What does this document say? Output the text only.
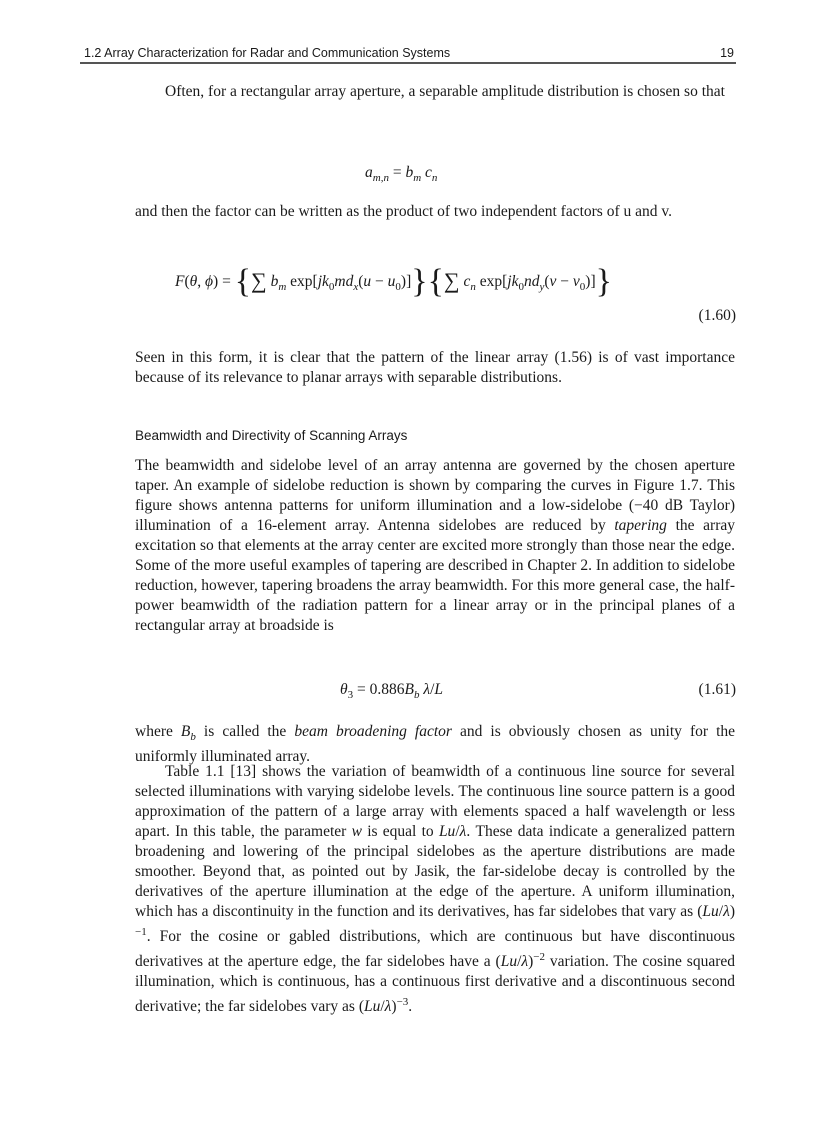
1.2 Array Characterization for Radar and Communication Systems	19

Often, for a rectangular array aperture, a separable amplitude distribution is chosen so that

$a_{m,n} = b_m$ $c_n$

and then the factor can be written as the product of two independent factors of u and v.

F(θ, ϕ) = {∑ $b_m$ $\exp[jk_0md_x(u - u_0)]\}\{\sum$ $c_n$ $\exp[jk_0nd_y(v - v_0)]$}
(1.60)

Seen in this form, it is clear that the pattern of the linear array (1.56) is of vast importance because of its relevance to planar arrays with separable distributions.

Beamwidth and Directivity of Scanning Arrays

The beamwidth and sidelobe level of an array antenna are governed by the chosen aperture taper. An example of sidelobe reduction is shown by comparing the curves in Figure 1.7. This figure shows antenna patterns for uniform illumination and a low-sidelobe (−40 dB Taylor) illumination of a 16-element array. Antenna sidelobes are reduced by tapering the array excitation so that elements at the array center are excited more strongly than those near the edge. Some of the more useful examples of tapering are described in Chapter 2. In addition to sidelobe reduction, however, tapering broadens the array beamwidth. For this more general case, the half-power beamwidth of the radiation pattern for a linear array or in the principal planes of a rectangular array at broadside is

$\theta_3 = 0.886B_b$ λ/L	(1.61)

where $B_b$ is called the beam broadening factor and is obviously chosen as unity for the uniformly illuminated array.

Table 1.1 [13] shows the variation of beamwidth of a continuous line source for several selected illuminations with varying sidelobe levels. The continuous line source pattern is a good approximation of the pattern of a large array with elements spaced a half wavelength or less apart. In this table, the parameter w is equal to Lu/λ. These data indicate a generalized pattern broadening and lowering of the principal sidelobes as the aperture distributions are made smoother. Beyond that, as pointed out by Jasik, the far-sidelobe decay is controlled by the derivatives of the aperture illumination at the edge of the aperture. A uniform illumination, which has a discontinuity in the function and its derivatives, has far sidelobes that vary as $(Lu/\lambda)^{-1}$. For the cosine or gabled distributions, which are continuous but have discontinuous derivatives at the aperture edge, the far sidelobes have a $(Lu/\lambda)^{-2}$ variation. The cosine squared illumination, which is continuous, has a continuous first derivative and a discontinuous second derivative; the far sidelobes vary as $(Lu/\lambda)^{-3}$.
